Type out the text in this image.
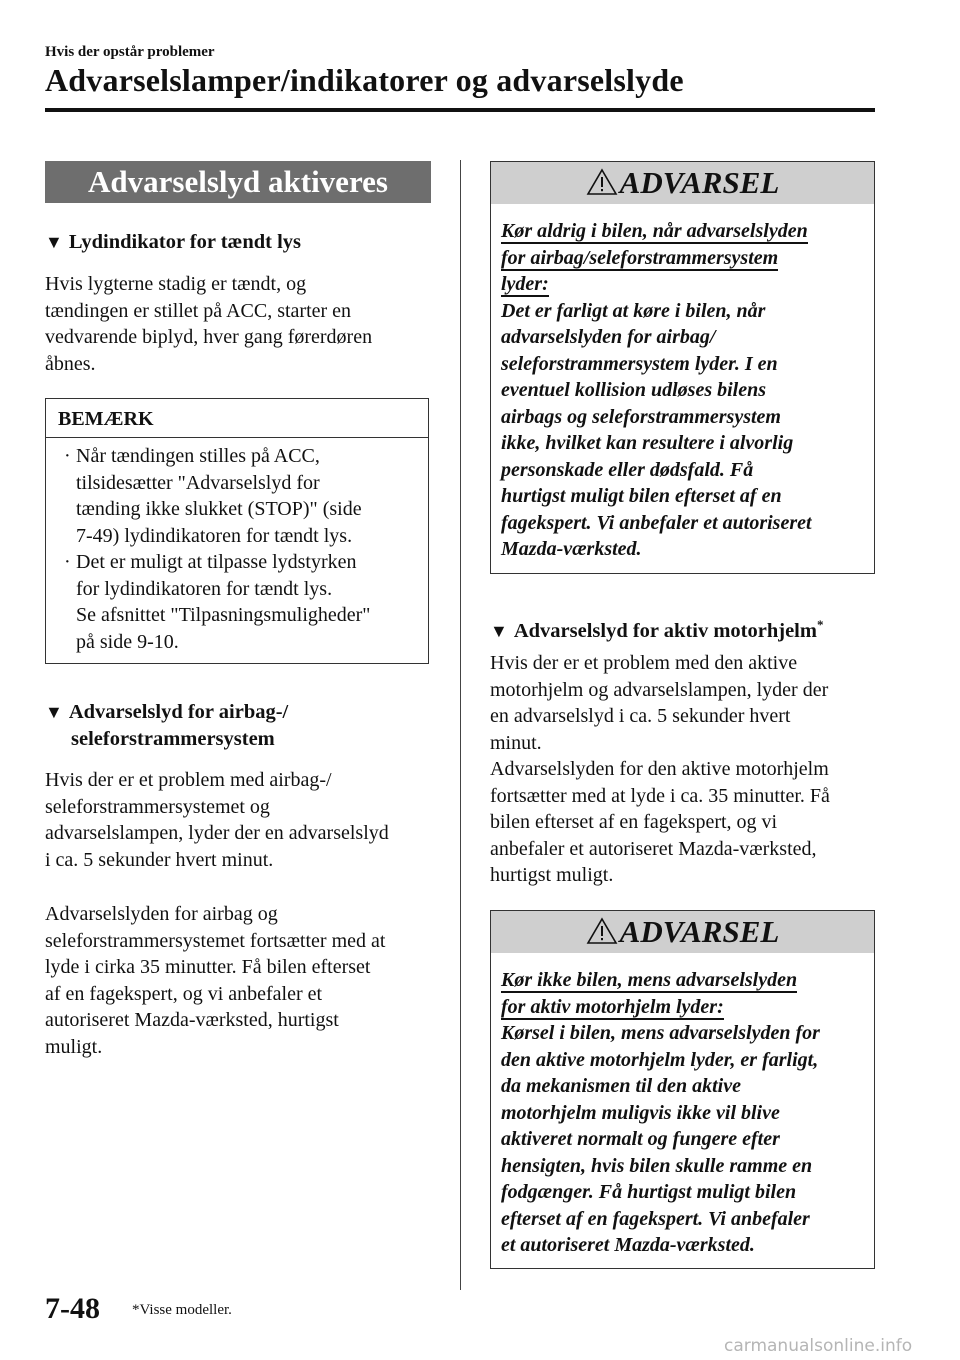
Hvis der opstår problemer
Advarselslamper/indikatorer og advarselslyde
Advarselslyd aktiveres
▼ Lydindikator for tændt lys
Hvis lygterne stadig er tændt, og
tændingen er stillet på ACC, starter en
vedvarende biplyd, hver gang førerdøren
åbnes.
BEMÆRK
· Når tændingen stilles på ACC,
tilsidesætter "Advarselslyd for
tænding ikke slukket (STOP)" (side
7-49) lydindikatoren for tændt lys.
· Det er muligt at tilpasse lydstyrken
for lydindikatoren for tændt lys.
Se afsnittet "Tilpasningsmuligheder"
på side 9-10.
▼ Advarselslyd for airbag-/
seleforstrammersystem
Hvis der er et problem med airbag-/
seleforstrammersystemet og
advarselslampen, lyder der en advarselslyd
i ca. 5 sekunder hvert minut.
Advarselslyden for airbag og
seleforstrammersystemet fortsætter med at
lyde i cirka 35 minutter. Få bilen efterset
af en fagekspert, og vi anbefaler et
autoriseret Mazda-værksted, hurtigst
muligt.
ADVARSEL
Kør aldrig i bilen, når advarselslyden
for airbag/seleforstrammersystem
lyder:
Det er farligt at køre i bilen, når
advarselslyden for airbag/
seleforstrammersystem lyder. I en
eventuel kollision udløses bilens
airbags og seleforstrammersystem
ikke, hvilket kan resultere i alvorlig
personskade eller dødsfald. Få
hurtigst muligt bilen efterset af en
fagekspert. Vi anbefaler et autoriseret
Mazda-værksted.
▼ Advarselslyd for aktiv motorhjelm*
Hvis der er et problem med den aktive
motorhjelm og advarselslampen, lyder der
en advarselslyd i ca. 5 sekunder hvert
minut.
Advarselslyden for den aktive motorhjelm
fortsætter med at lyde i ca. 35 minutter. Få
bilen efterset af en fagekspert, og vi
anbefaler et autoriseret Mazda-værksted,
hurtigst muligt.
ADVARSEL
Kør ikke bilen, mens advarselslyden
for aktiv motorhjelm lyder:
Kørsel i bilen, mens advarselslyden for
den aktive motorhjelm lyder, er farligt,
da mekanismen til den aktive
motorhjelm muligvis ikke vil blive
aktiveret normalt og fungere efter
hensigten, hvis bilen skulle ramme en
fodgænger. Få hurtigst muligt bilen
efterset af en fagekspert. Vi anbefaler
et autoriseret Mazda-værksted.
7-48 *Visse modeller.
carmanualsonline.info
